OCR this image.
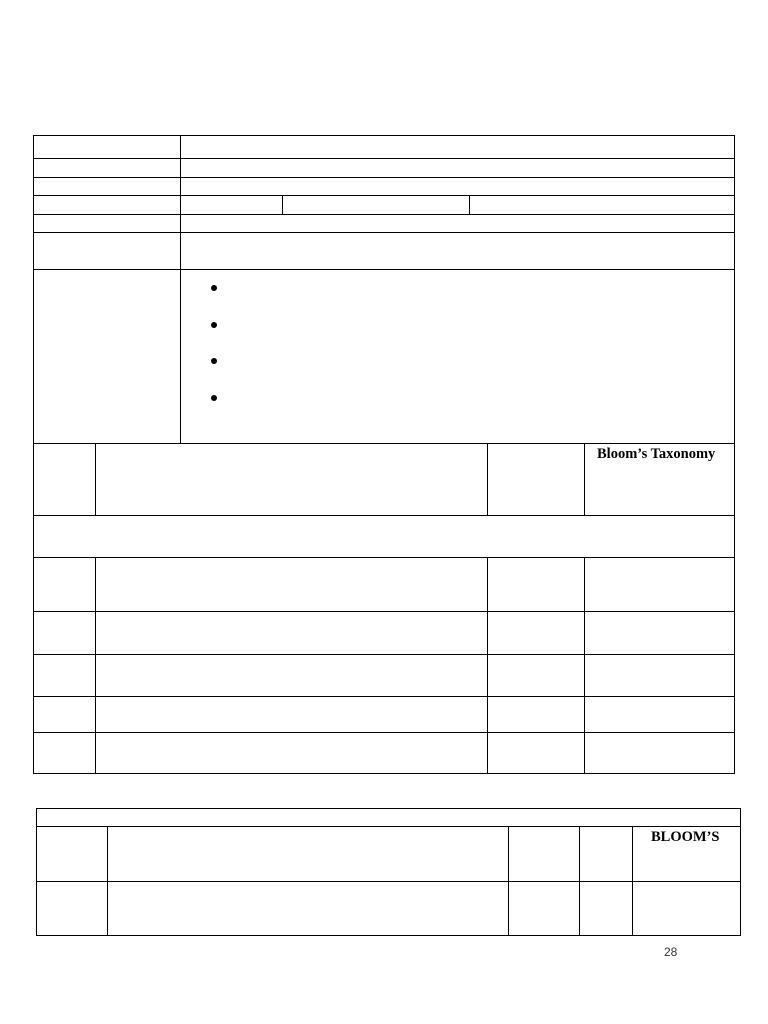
Bloom’s Taxonomy
BLOOM’S
28
